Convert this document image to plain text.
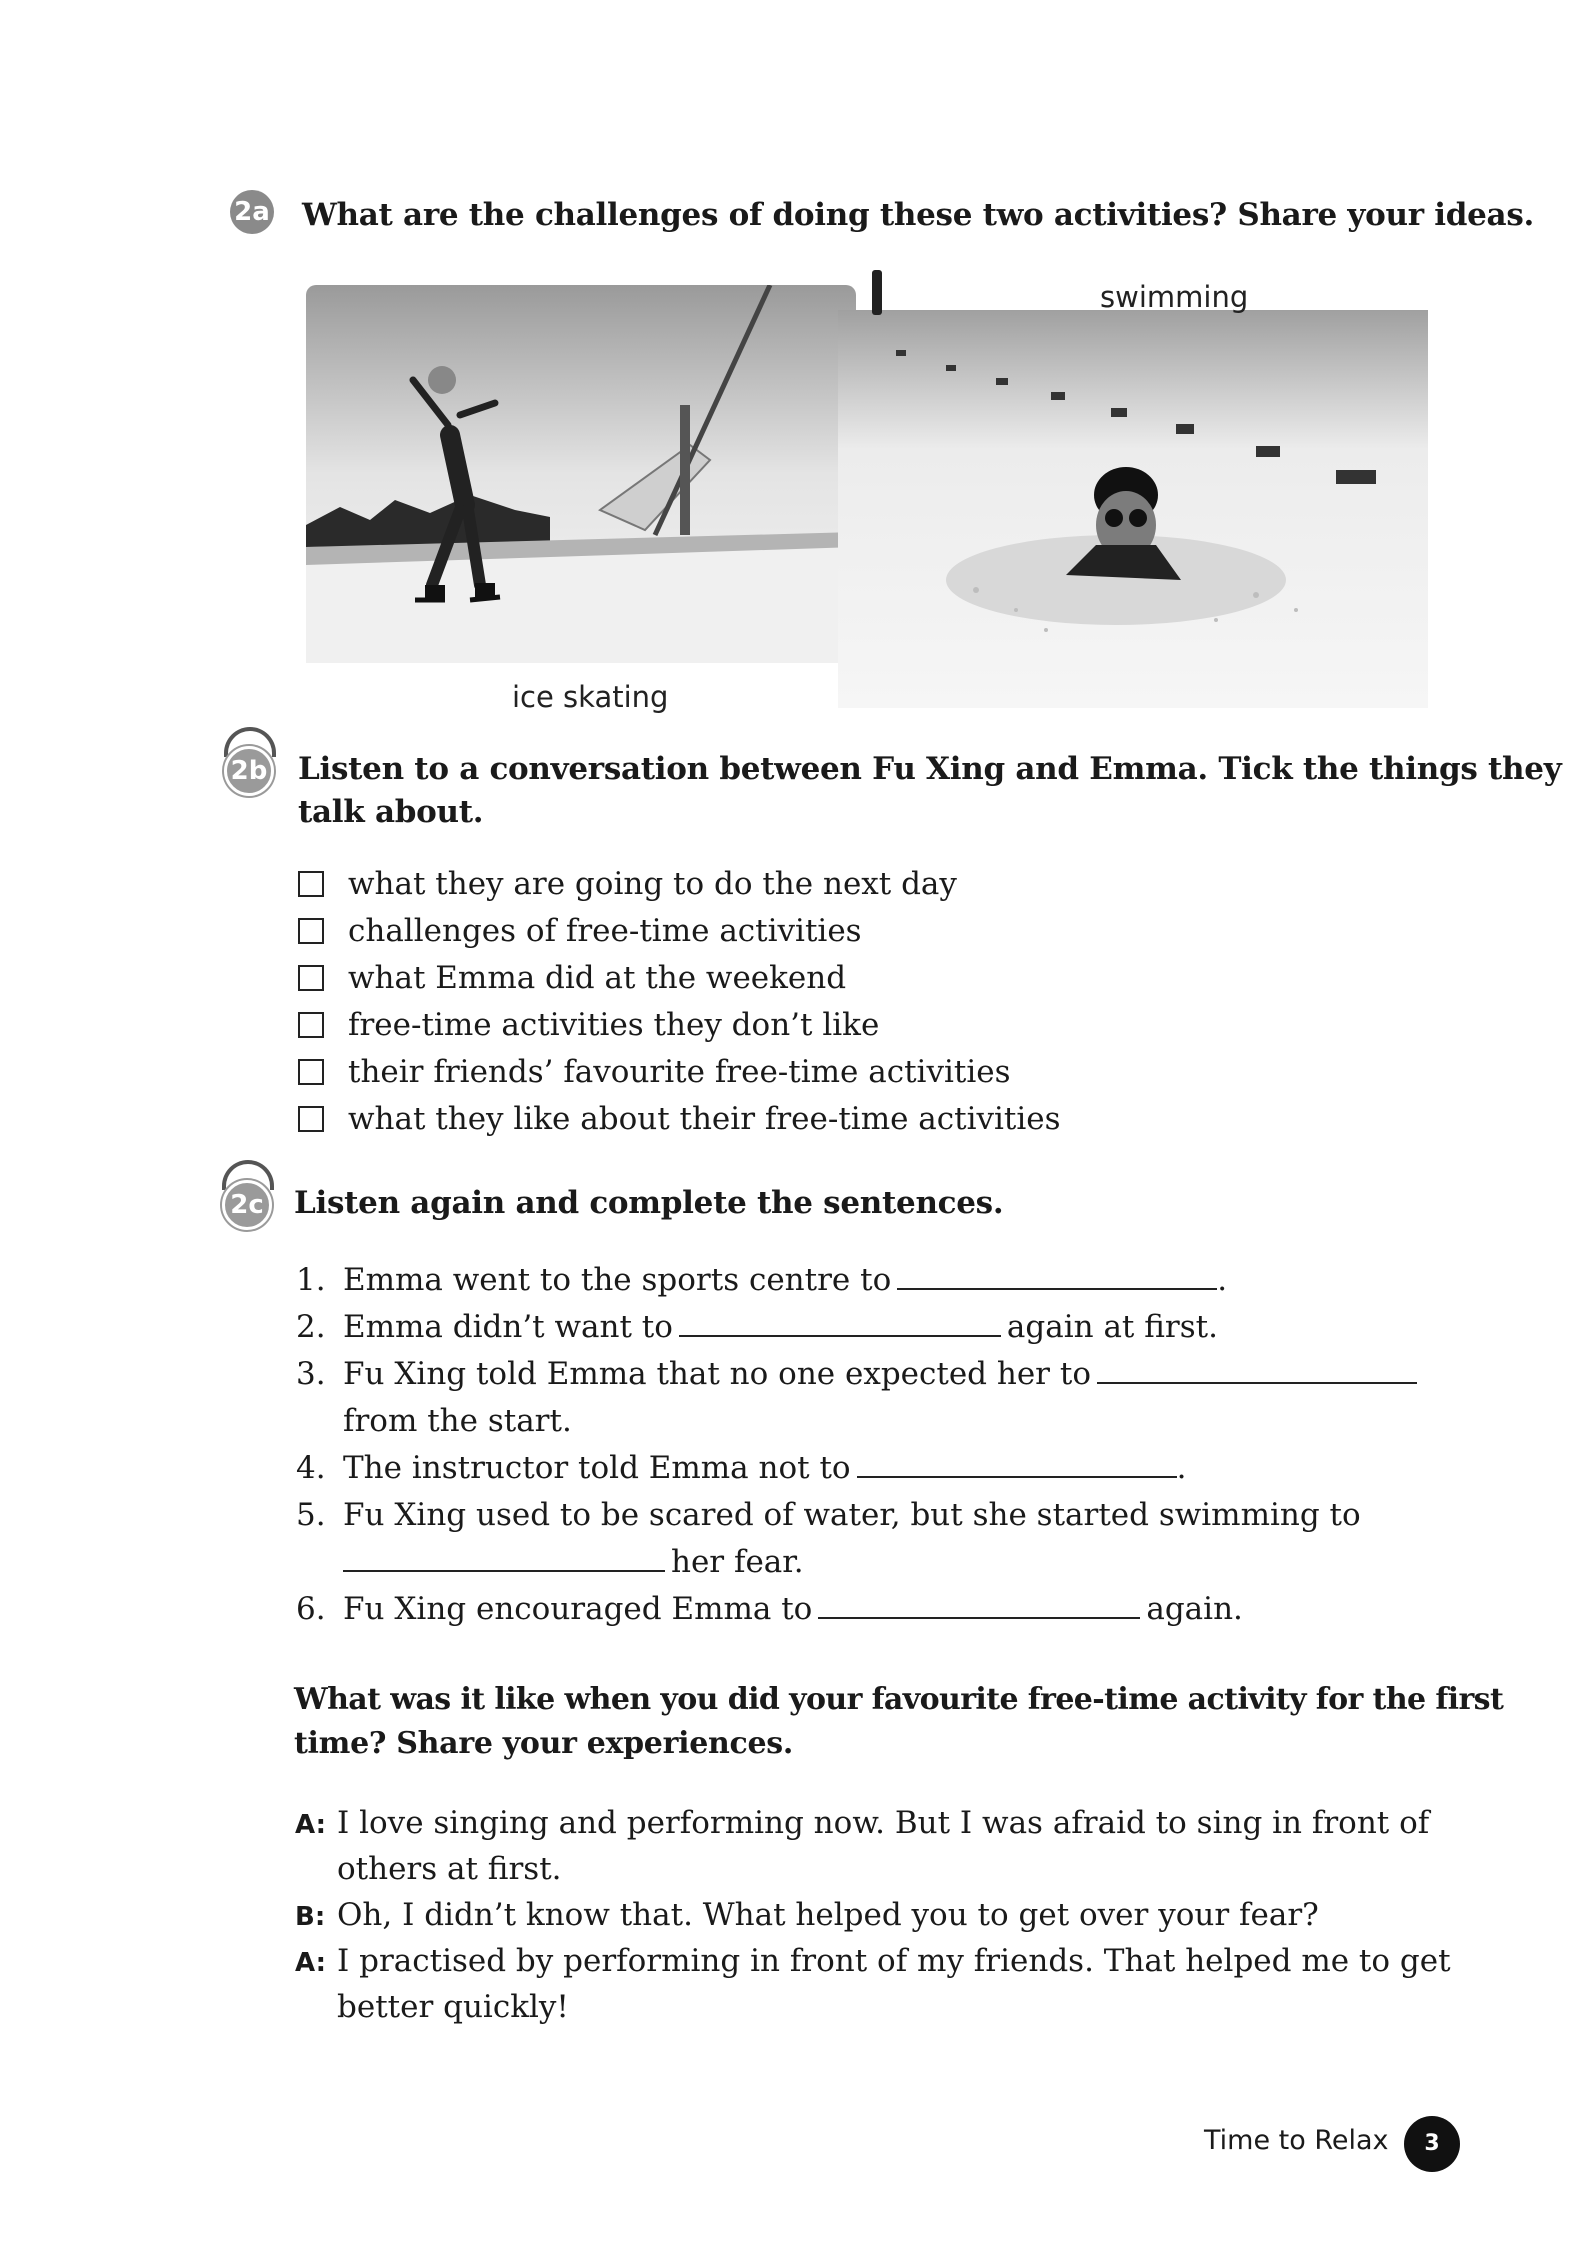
2a What are the challenges of doing these two activities? Share your ideas.
swimming
ice skating
2b Listen to a conversation between Fu Xing and Emma. Tick the things they
talk about.
what they are going to do the next day
challenges of free-time activities
what Emma did at the weekend
free-time activities they don’t like
their friends’ favourite free-time activities
what they like about their free-time activities
2c Listen again and complete the sentences.
1. Emma went to the sports centre to	.
2. Emma didn’t want to	again at first.
3. Fu Xing told Emma that no one expected her to
from the start.
4. The instructor told Emma not to	.
5. Fu Xing used to be scared of water, but she started swimming to
her fear.
6. Fu Xing encouraged Emma to	again.
What was it like when you did your favourite free-time activity for the first
time? Share your experiences.
A: I love singing and performing now. But I was afraid to sing in front of
others at first.
B: Oh, I didn’t know that. What helped you to get over your fear?
A: I practised by performing in front of my friends. That helped me to get
better quickly!
Time to Relax	3
